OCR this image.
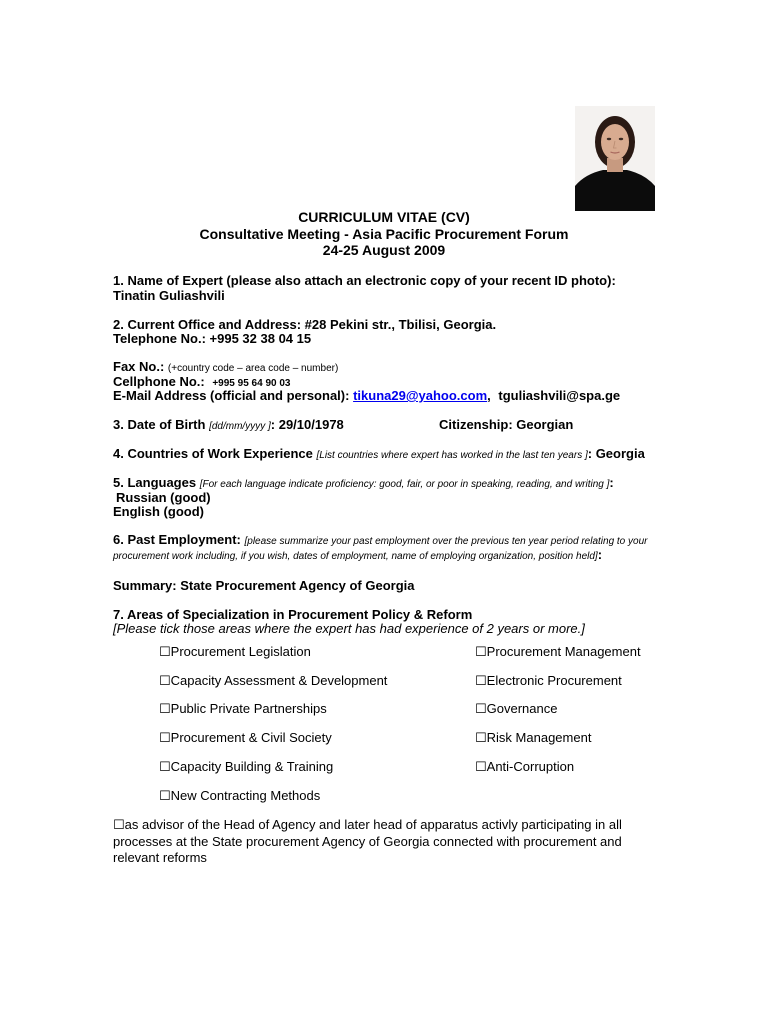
CURRICULUM VITAE (CV)
Consultative Meeting - Asia Pacific Procurement Forum
24-25 August 2009
1. Name of Expert (please also attach an electronic copy of your recent ID photo):
Tinatin Guliashvili
2. Current Office and Address: #28 Pekini str., Tbilisi, Georgia.
Telephone No.: +995 32 38 04 15
Fax No.: (+country code – area code – number)
Cellphone No.: +995 95 64 90 03
E-Mail Address (official and personal): tikuna29@yahoo.com, tguliashvili@spa.ge
3. Date of Birth [dd/mm/yyyy ]: 29/10/1978	Citizenship: Georgian
4. Countries of Work Experience [List countries where expert has worked in the last ten years ]: Georgia
5. Languages [For each language indicate proficiency: good, fair, or poor in speaking, reading, and writing ]:
Russian (good)
English (good)
6. Past Employment: [please summarize your past employment over the previous ten year period relating to your
procurement work including, if you wish, dates of employment, name of employing organization, position held]:
Summary: State Procurement Agency of Georgia
7. Areas of Specialization in Procurement Policy & Reform
[Please tick those areas where the expert has had experience of 2 years or more.]
☐Procurement Legislation
☐Capacity Assessment & Development
☐Public Private Partnerships
☐Procurement & Civil Society
☐Capacity Building & Training
☐New Contracting Methods
☐Procurement Management
☐Electronic Procurement
☐Governance
☐Risk Management
☐Anti-Corruption
☐as advisor of the Head of Agency and later head of apparatus activly participating in all
processes at the State procurement Agency of Georgia connected with procurement and
relevant reforms
